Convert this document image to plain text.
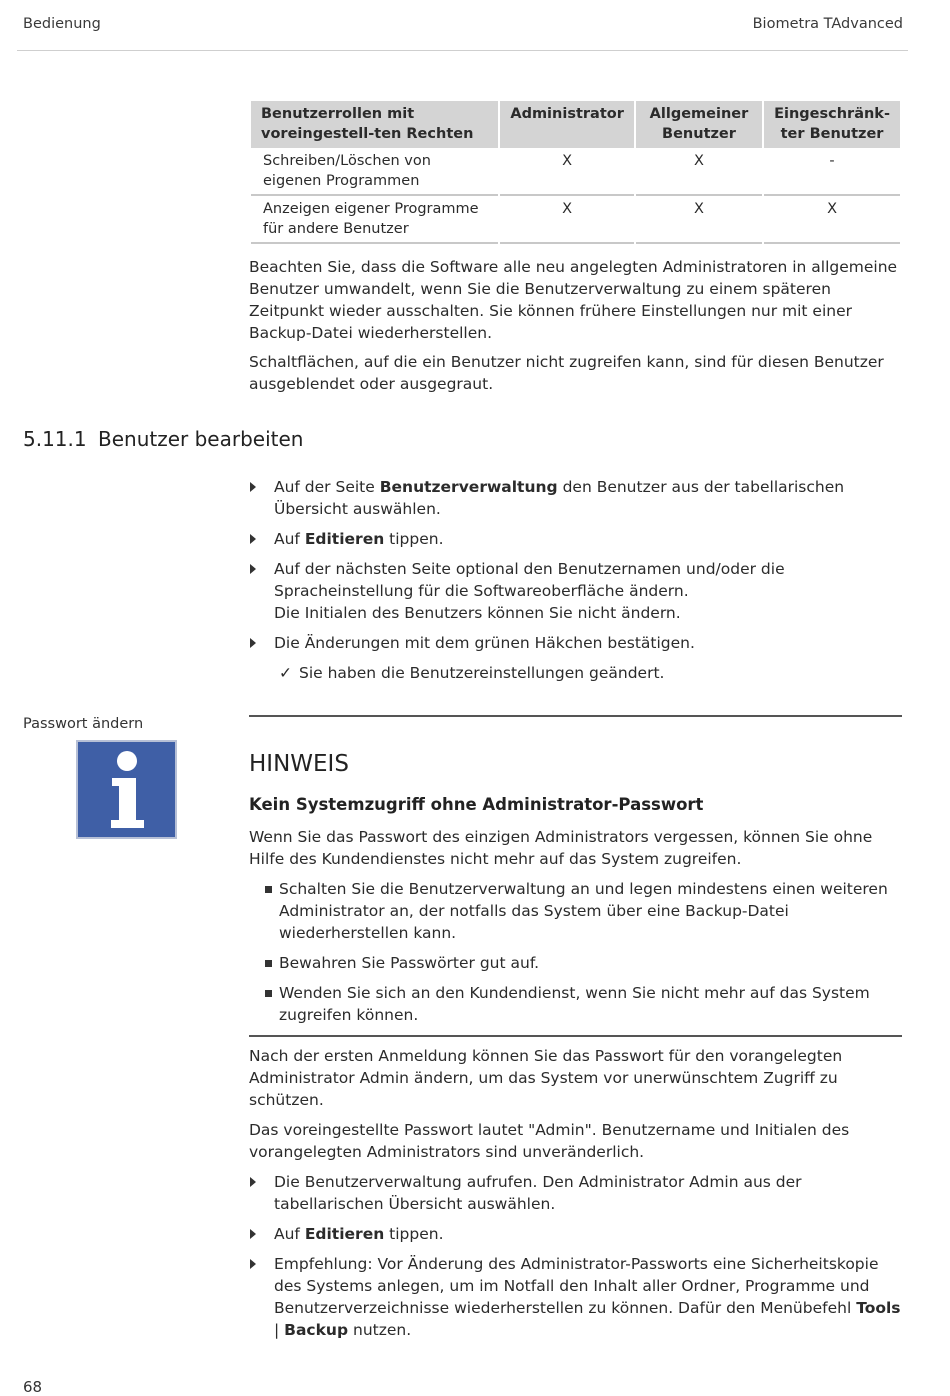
Bedienung	Biometra TAdvanced
Benutzerrollen mit voreingestell-ten Rechten	Administrator	Allgemeiner Benutzer	Eingeschränk-ter Benutzer
Schreiben/Löschen von eigenen Programmen	X	X	-
Anzeigen eigener Programme für andere Benutzer	X	X	X

Beachten Sie, dass die Software alle neu angelegten Administratoren in allgemeine Benutzer umwandelt, wenn Sie die Benutzerverwaltung zu einem späteren Zeitpunkt wieder ausschalten. Sie können frühere Einstellungen nur mit einer Backup-Datei wiederherstellen.

Schaltflächen, auf die ein Benutzer nicht zugreifen kann, sind für diesen Benutzer ausgeblendet oder ausgegraut.

5.11.1 Benutzer bearbeiten
Auf der Seite Benutzerverwaltung den Benutzer aus der tabellarischen Übersicht auswählen.
Auf Editieren tippen.
Auf der nächsten Seite optional den Benutzernamen und/oder die Spracheinstellung für die Softwareoberfläche ändern.
Die Initialen des Benutzers können Sie nicht ändern.
Die Änderungen mit dem grünen Häkchen bestätigen.
✓ Sie haben die Benutzereinstellungen geändert.
Passwort ändern
HINWEIS
Kein Systemzugriff ohne Administrator-Passwort

Wenn Sie das Passwort des einzigen Administrators vergessen, können Sie ohne Hilfe des Kundendienstes nicht mehr auf das System zugreifen.

Schalten Sie die Benutzerverwaltung an und legen mindestens einen weiteren Administrator an, der notfalls das System über eine Backup-Datei wiederherstellen kann.
Bewahren Sie Passwörter gut auf.
Wenden Sie sich an den Kundendienst, wenn Sie nicht mehr auf das System zugreifen können.

Nach der ersten Anmeldung können Sie das Passwort für den vorangelegten Administrator Admin ändern, um das System vor unerwünschtem Zugriff zu schützen.

Das voreingestellte Passwort lautet "Admin". Benutzername und Initialen des vorangelegten Administrators sind unveränderlich.

Die Benutzerverwaltung aufrufen. Den Administrator Admin aus der tabellarischen Übersicht auswählen.
Auf Editieren tippen.
Empfehlung: Vor Änderung des Administrator-Passworts eine Sicherheitskopie des Systems anlegen, um im Notfall den Inhalt aller Ordner, Programme und Benutzerverzeichnisse wiederherstellen zu können. Dafür den Menübefehl Tools | Backup nutzen.
68
